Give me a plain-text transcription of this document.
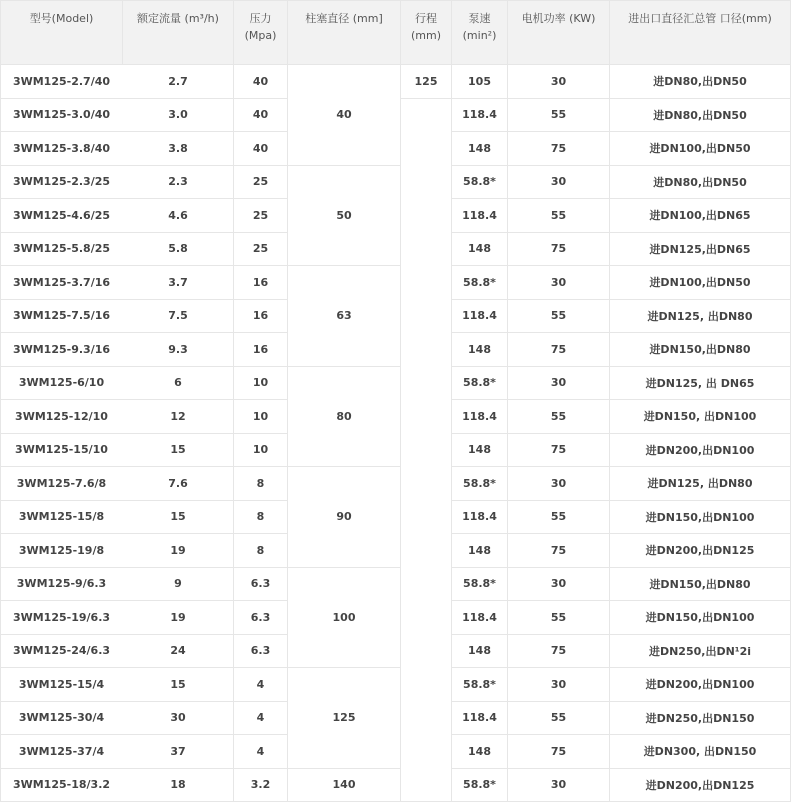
型号(Model)	额定流量 (m³/h)	压力 (Mpa)	柱塞直径 (mm]	行程 (mm)	泵速 (min²)	电机功率 (KW)	进出口直径汇总管 口径(mm)
3WM125-2.7/40	2.7	40	40	125	105	30	进DN80,出DN50
3WM125-3.0/40	3.0	40			118.4	55	进DN80,出DN50
3WM125-3.8/40	3.8	40			148	75	进DN100,出DN50
3WM125-2.3/25	2.3	25	50		58.8*	30	进DN80,出DN50
3WM125-4.6/25	4.6	25			118.4	55	进DN100,出DN65
3WM125-5.8/25	5.8	25			148	75	进DN125,出DN65
3WM125-3.7/16	3.7	16	63		58.8*	30	进DN100,出DN50
3WM125-7.5/16	7.5	16			118.4	55	进DN125, 出DN80
3WM125-9.3/16	9.3	16			148	75	进DN150,出DN80
3WM125-6/10	6	10	80		58.8*	30	进DN125, 出 DN65
3WM125-12/10	12	10			118.4	55	进DN150, 出DN100
3WM125-15/10	15	10			148	75	进DN200,出DN100
3WM125-7.6/8	7.6	8	90		58.8*	30	进DN125, 出DN80
3WM125-15/8	15	8			118.4	55	进DN150,出DN100
3WM125-19/8	19	8			148	75	进DN200,出DN125
3WM125-9/6.3	9	6.3	100		58.8*	30	进DN150,出DN80
3WM125-19/6.3	19	6.3			118.4	55	进DN150,出DN100
3WM125-24/6.3	24	6.3			148	75	进DN250,出DN¹2i
3WM125-15/4	15	4	125		58.8*	30	进DN200,出DN100
3WM125-30/4	30	4			118.4	55	进DN250,出DN150
3WM125-37/4	37	4			148	75	进DN300, 出DN150
3WM125-18/3.2	18	3.2	140		58.8*	30	进DN200,出DN125
